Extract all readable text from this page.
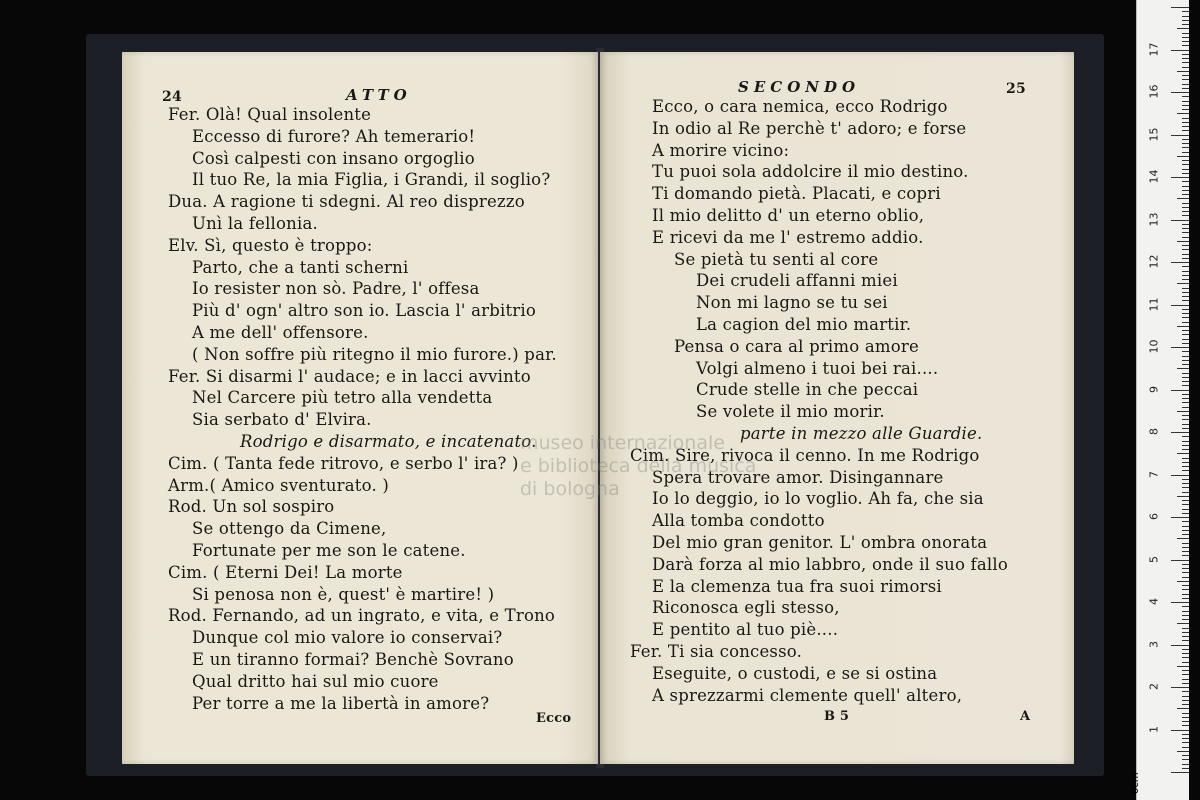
24	ATTO
Fer. Olà! Qual insolente
Eccesso di furore? Ah temerario!
Così calpesti con insano orgoglio
Il tuo Re, la mia Figlia, i Grandi, il soglio?
Dua. A ragione ti sdegni. Al reo disprezzo
Unì la fellonia.
Elv. Sì, questo è troppo:
Parto, che a tanti scherni
Io resister non sò. Padre, l' offesa
Più d' ogn' altro son io. Lascia l' arbitrio
A me dell' offensore.
( Non soffre più ritegno il mio furore.) par.
Fer. Si disarmi l' audace; e in lacci avvinto
Nel Carcere più tetro alla vendetta
Sia serbato d' Elvira.
Rodrigo e disarmato, e incatenato.
Cim. ( Tanta fede ritrovo, e serbo l' ira? )
Arm.( Amico sventurato. )
Rod. Un sol sospiro
Se ottengo da Cimene,
Fortunate per me son le catene.
Cim. ( Eterni Dei! La morte
Si penosa non è, quest' è martire! )
Rod. Fernando, ad un ingrato, e vita, e Trono
Dunque col mio valore io conservai?
E un tiranno formai? Benchè Sovrano
Qual dritto hai sul mio cuore
Per torre a me la libertà in amore?
Ecco
SECONDO	25
Ecco, o cara nemica, ecco Rodrigo
In odio al Re perchè t' adoro; e forse
A morire vicino:
Tu puoi sola addolcire il mio destino.
Ti domando pietà. Placati, e copri
Il mio delitto d' un eterno oblio,
E ricevi da me l' estremo addio.
Se pietà tu senti al core
Dei crudeli affanni miei
Non mi lagno se tu sei
La cagion del mio martir.
Pensa o cara al primo amore
Volgi almeno i tuoi bei rai....
Crude stelle in che peccai
Se volete il mio morir.
parte in mezzo alle Guardie.
Cim. Sire, rivoca il cenno. In me Rodrigo
Spera trovare amor. Disingannare
Io lo deggio, io lo voglio. Ah fa, che sia
Alla tomba condotto
Del mio gran genitor. L' ombra onorata
Darà forza al mio labbro, onde il suo fallo
E la clemenza tua fra suoi rimorsi
Riconosca egli stesso,
E pentito al tuo piè....
Fer. Ti sia concesso.
Eseguite, o custodi, e se si ostina
A sprezzarmi clemente quell' altero,
B 5	A
museo internazionale
e biblioteca della musica
di bologna
0cm
1
2
3
4
5
6
7
8
9
10
11
12
13
14
15
16
17
